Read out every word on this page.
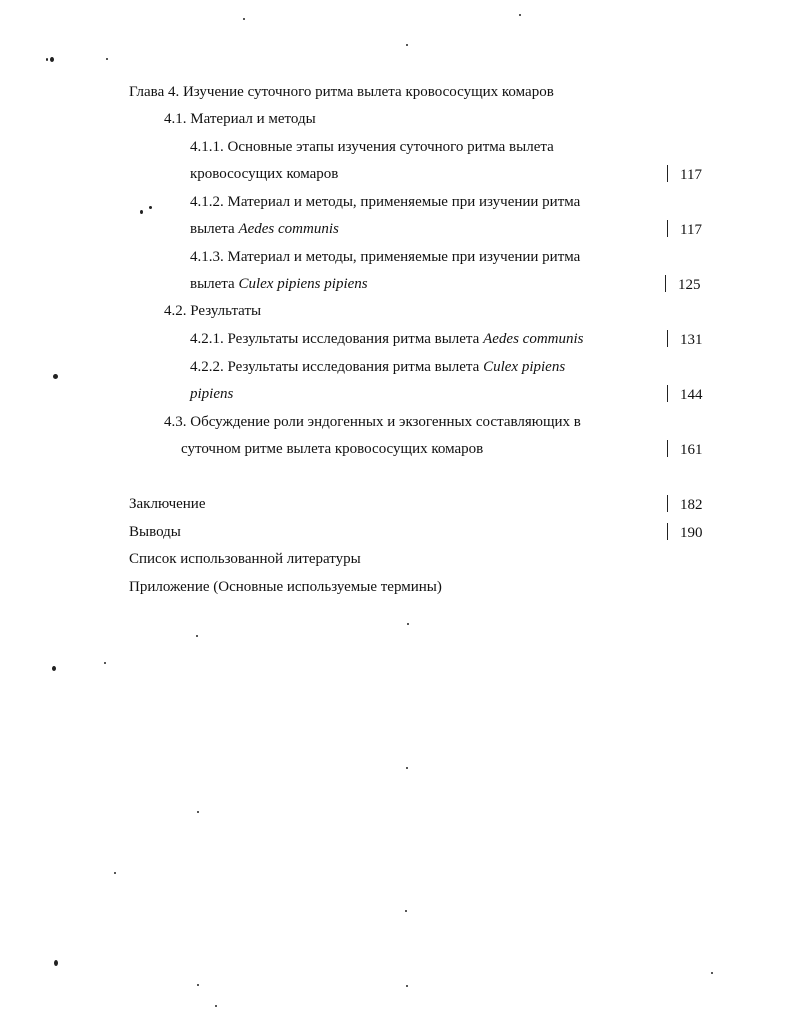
Глава 4. Изучение суточного ритма вылета кровососущих комаров
4.1. Материал и методы
4.1.1. Основные этапы изучения суточного ритма вылета
кровососущих комаров	117
4.1.2. Материал и методы, применяемые при изучении ритма
вылета Aedes communis	117
4.1.3. Материал и методы, применяемые при изучении ритма
вылета Culex pipiens pipiens	125
4.2. Результаты
4.2.1. Результаты исследования ритма вылета Aedes communis	131
4.2.2. Результаты исследования ритма вылета Culex pipiens
pipiens	144
4.3. Обсуждение роли эндогенных и экзогенных составляющих в
суточном ритме вылета кровососущих комаров	161
Заключение	182
Выводы	190
Список использованной литературы
Приложение (Основные используемые термины)
